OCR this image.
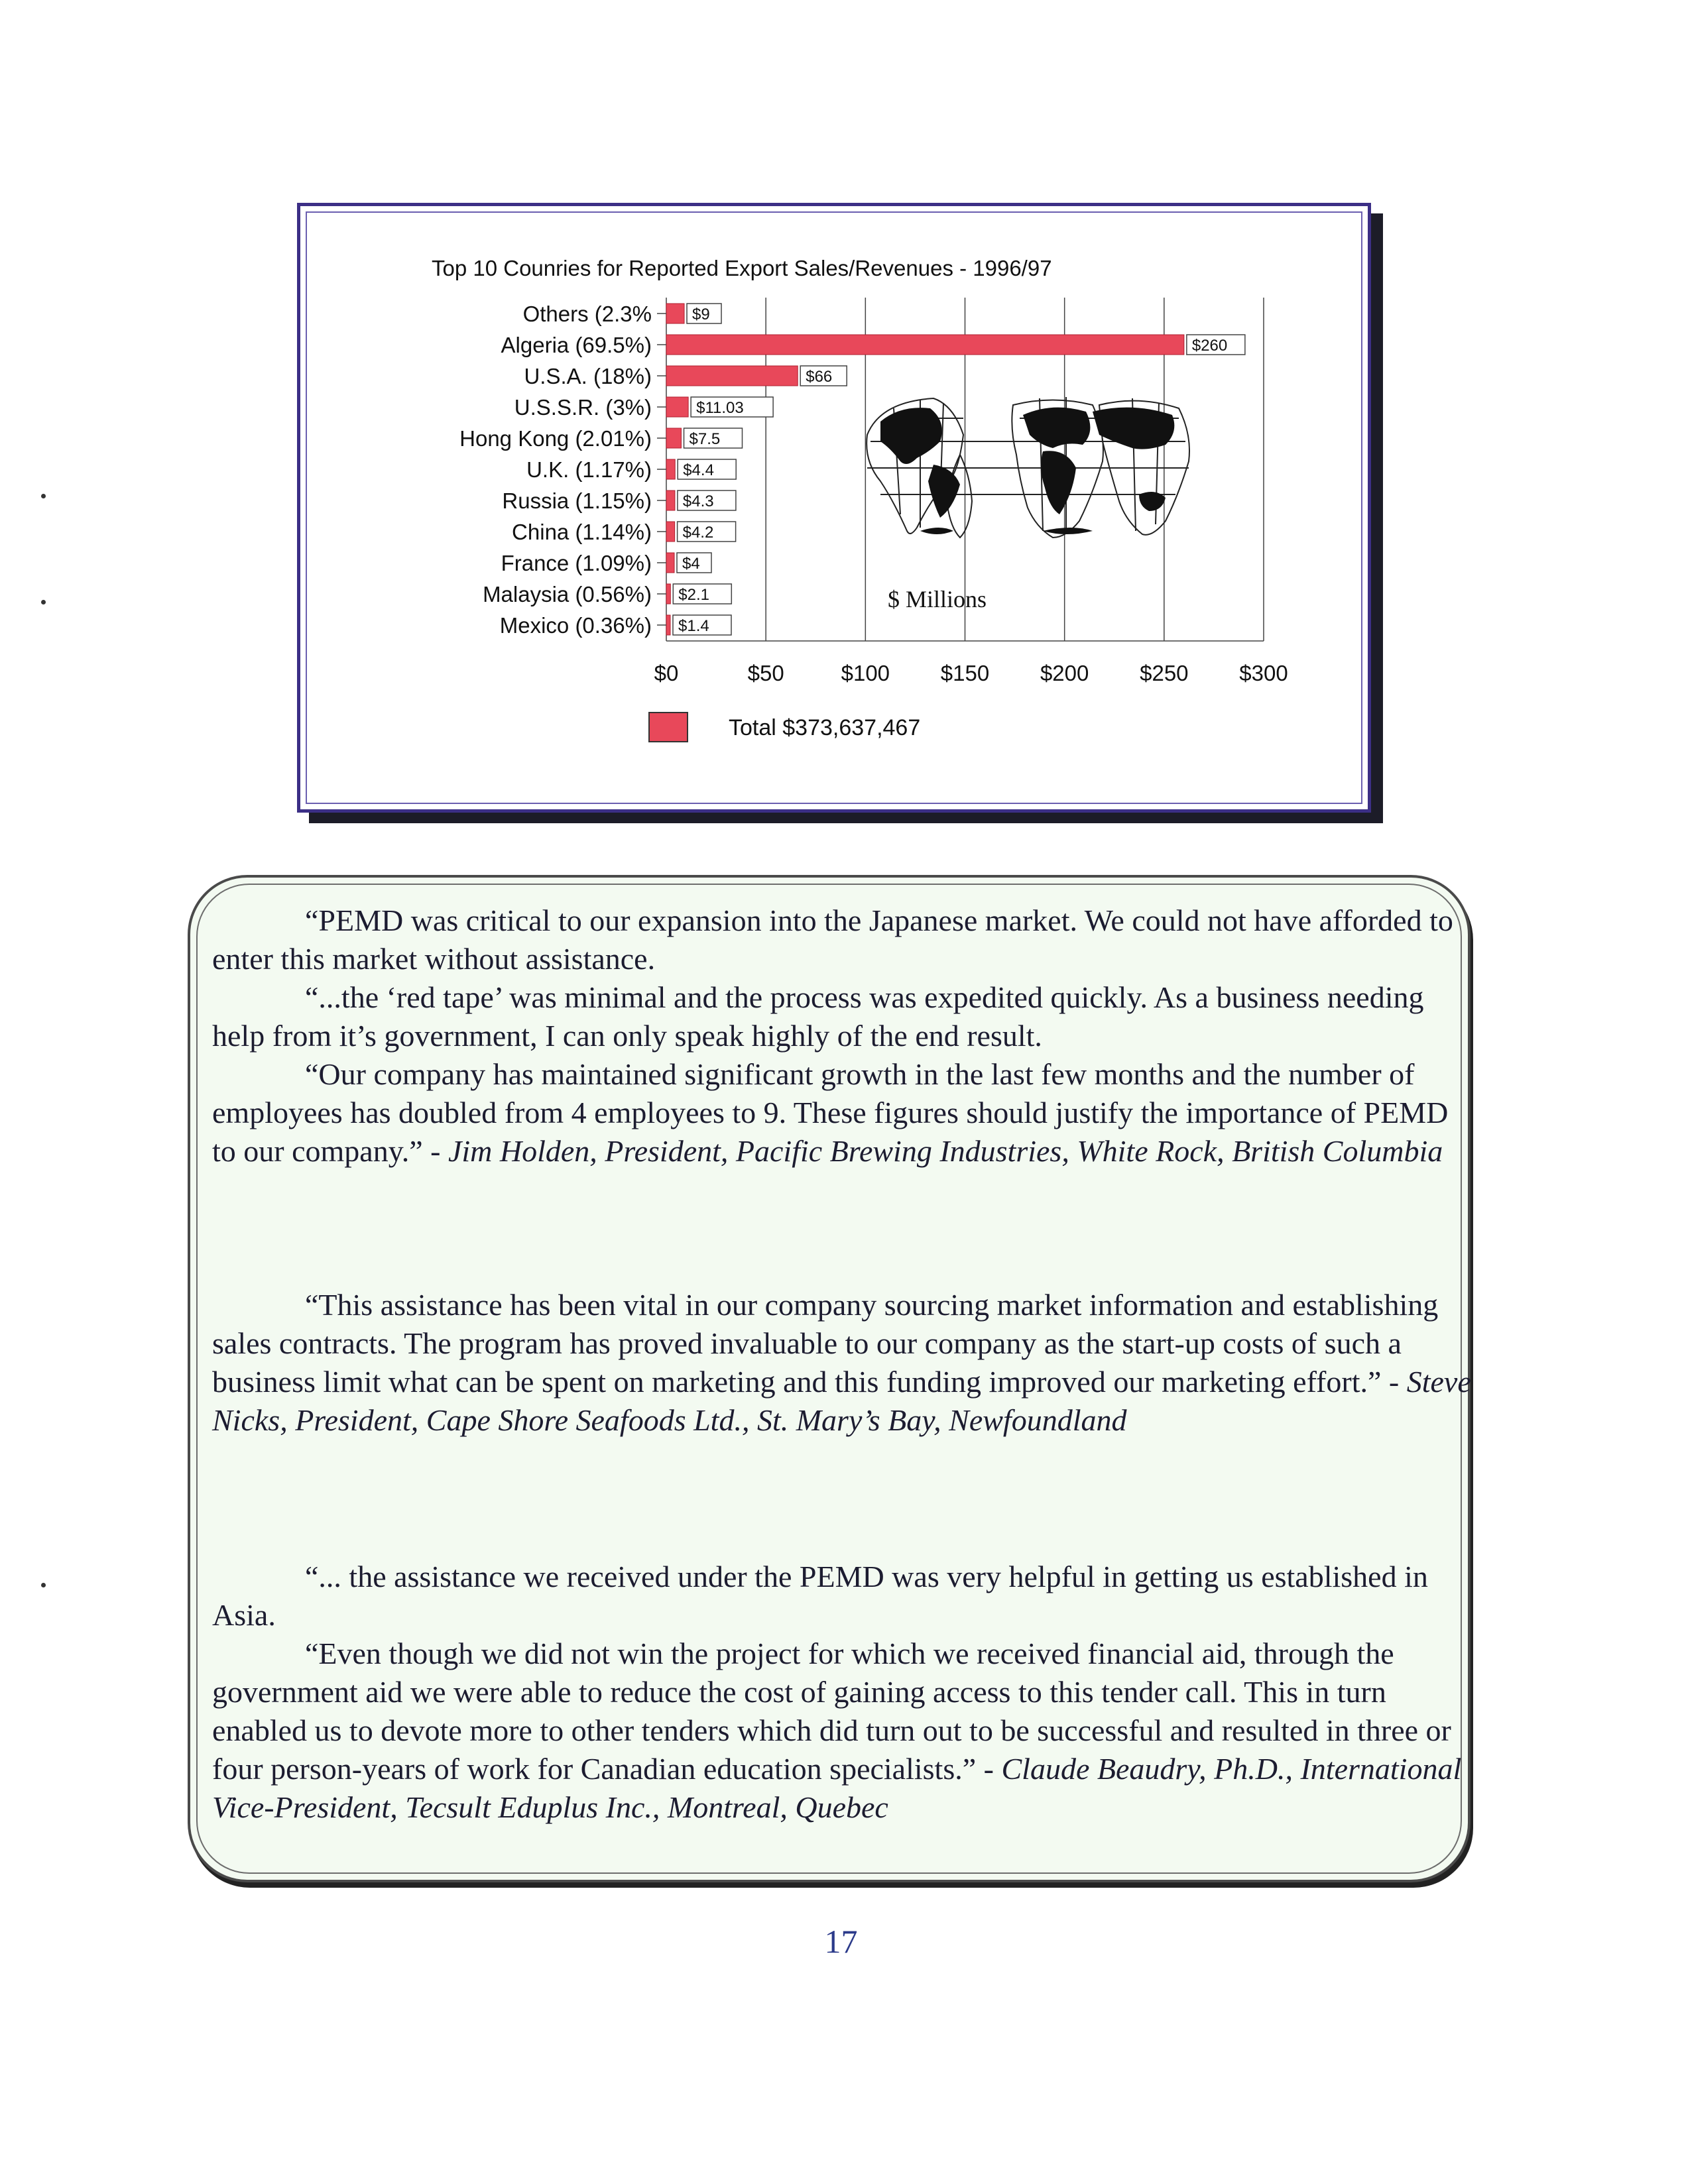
Top 10 Counries for Reported Export Sales/Revenues - 1996/97
$9
$260
$66
$11.03
$7.5
$4.4
$4.3
$4.2
$4
$2.1
$1.4
Others (2.3%
Algeria (69.5%)
U.S.A. (18%)
U.S.S.R. (3%)
Hong Kong (2.01%)
U.K. (1.17%)
Russia (1.15%)
China (1.14%)
France (1.09%)
Malaysia (0.56%)
Mexico (0.36%)
$0	$50	$100 $150 $200 $250 $300
$ Millions
Total $373,637,467

“PEMD was critical to our expansion into the Japanese market. We could not have afforded to enter this market without assistance.

“...the ‘red tape’ was minimal and the process was expedited quickly. As a business needing help from it’s government, I can only speak highly of the end result.

“Our company has maintained significant growth in the last few months and the number of employees has doubled from 4 employees to 9. These figures should justify the importance of PEMD to our company.” - Jim Holden, President, Pacific Brewing Industries, White Rock, British Columbia

“This assistance has been vital in our company sourcing market information and establishing sales contracts. The program has proved invaluable to our company as the start-up costs of such a business limit what can be spent on marketing and this funding improved our marketing effort.” - Steve Nicks, President, Cape Shore Seafoods Ltd., St. Mary’s Bay, Newfoundland

“... the assistance we received under the PEMD was very helpful in getting us established in Asia.

“Even though we did not win the project for which we received financial aid, through the government aid we were able to reduce the cost of gaining access to this tender call. This in turn enabled us to devote more to other tenders which did turn out to be successful and resulted in three or four person-years of work for Canadian education specialists.” - Claude Beaudry, Ph.D., International Vice-President, Tecsult Eduplus Inc., Montreal, Quebec

17
